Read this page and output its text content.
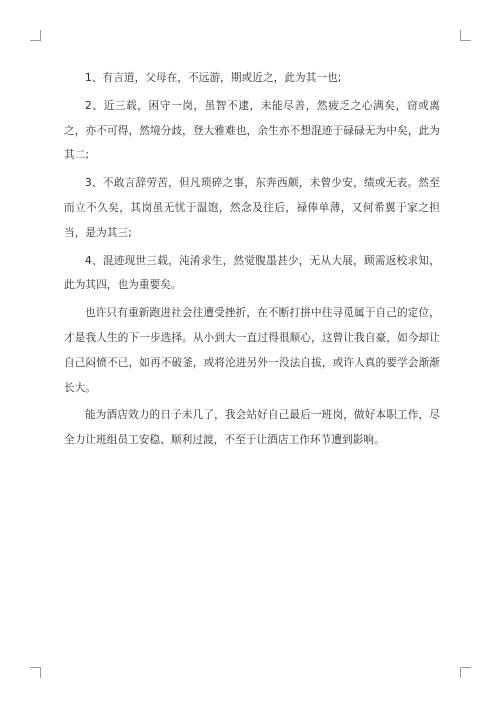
1、有言道，父母在，不远游，期或近之，此为其一也;

2、近三载，困守一岗，虽智不逮，未能尽善，然疲乏之心满矣，窃或离之，亦不可得，然境分歧，登大雅难也，余生亦不想混迹于碌碌无为中矣，此为其二;

3、不敢言辞劳苦，但凡琐碎之事，东奔西颇，未曾少安，绩或无表。然至而立不久矣，其岗虽无忧于温饱，然念及往后，禄俸单薄，又何希翼于家之担当，是为其三;

4、混迹现世三载，沌淆求生，然觉腹墨甚少，无从大展，顾需返校求知，此为其四，也为重要矣。

也许只有重新跑进社会往遭受挫折，在不断打拼中往寻觅属于自己的定位，才是我人生的下一步选择。从小到大一直过得很顺心，这曾让我自豪，如今却让自己闷愤不已，如再不破釜，或将沦进另外一没法自拔，或许人真的要学会渐渐长大。

能为酒店效力的日子未几了，我会站好自己最后一班岗，做好本职工作，尽全力让班组员工安稳、顺利过渡，不至于让酒店工作环节遭到影响。
